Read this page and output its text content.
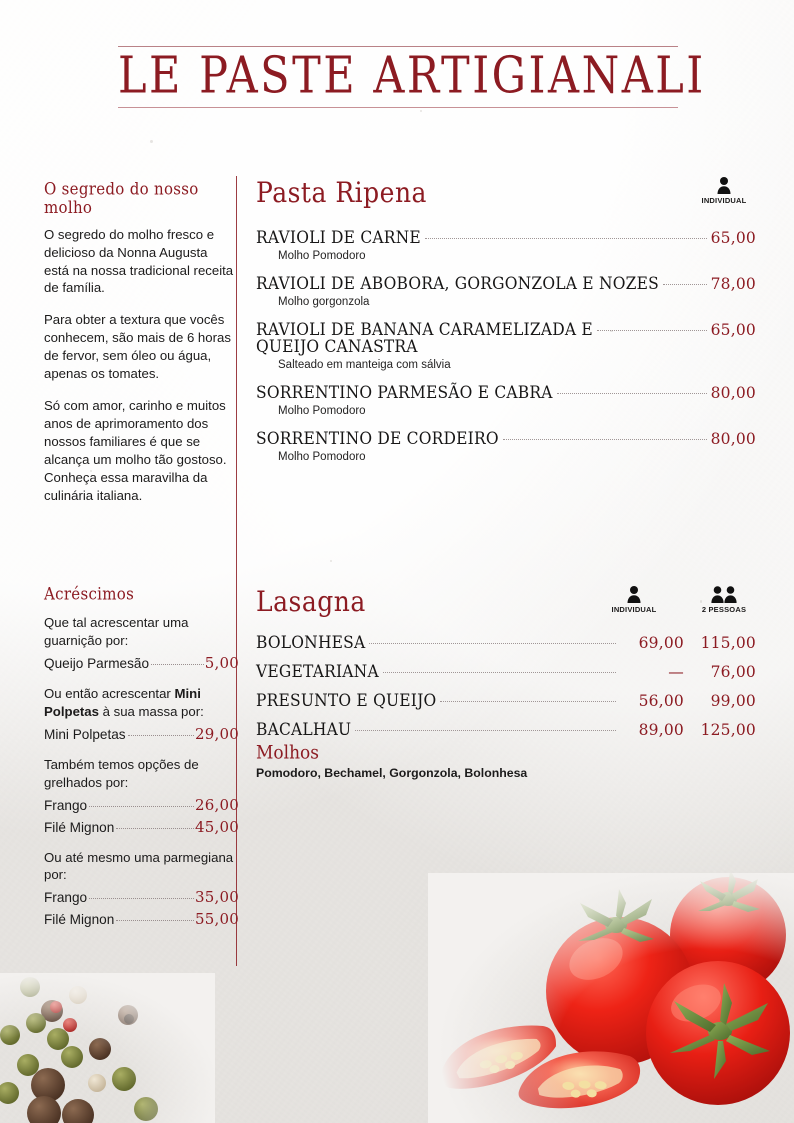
LE PASTE ARTIGIANALI
O segredo do nosso molho

O segredo do molho fresco e delicioso da Nonna Augusta está na nossa tradicional receita de família.

Para obter a textura que vocês conhecem, são mais de 6 horas de fervor, sem óleo ou água, apenas os tomates.

Só com amor, carinho e muitos anos de aprimoramento dos nossos familiares é que se alcança um molho tão gostoso. Conheça essa maravilha da culinária italiana.

Acréscimos

Que tal acrescentar uma guarnição por:

Queijo Parmesão	5,00

Ou então acrescentar Mini Polpetas à sua massa por:

Mini Polpetas	29,00

Também temos opções de grelhados por:

Frango	26,00
Filé Mignon	45,00

Ou até mesmo uma parmegiana por:

Frango	35,00
Filé Mignon	55,00
Pasta Ripena	INDIVIDUAL
RAVIOLI DE CARNE	65,00
Molho Pomodoro
RAVIOLI DE ABOBORA, GORGONZOLA E NOZES	78,00
Molho gorgonzola
RAVIOLI DE BANANA CARAMELIZADA E	65,00
QUEIJO CANASTRA
Salteado em manteiga com sálvia
SORRENTINO PARMESÃO E CABRA	80,00
Molho Pomodoro
SORRENTINO DE CORDEIRO	80,00
Molho Pomodoro
Lasagna	INDIVIDUAL	2 PESSOAS
BOLONHESA	69,00	115,00
VEGETARIANA	—	76,00
PRESUNTO E QUEIJO	56,00	99,00
BACALHAU	89,00	125,00
Molhos
Pomodoro, Bechamel, Gorgonzola, Bolonhesa
